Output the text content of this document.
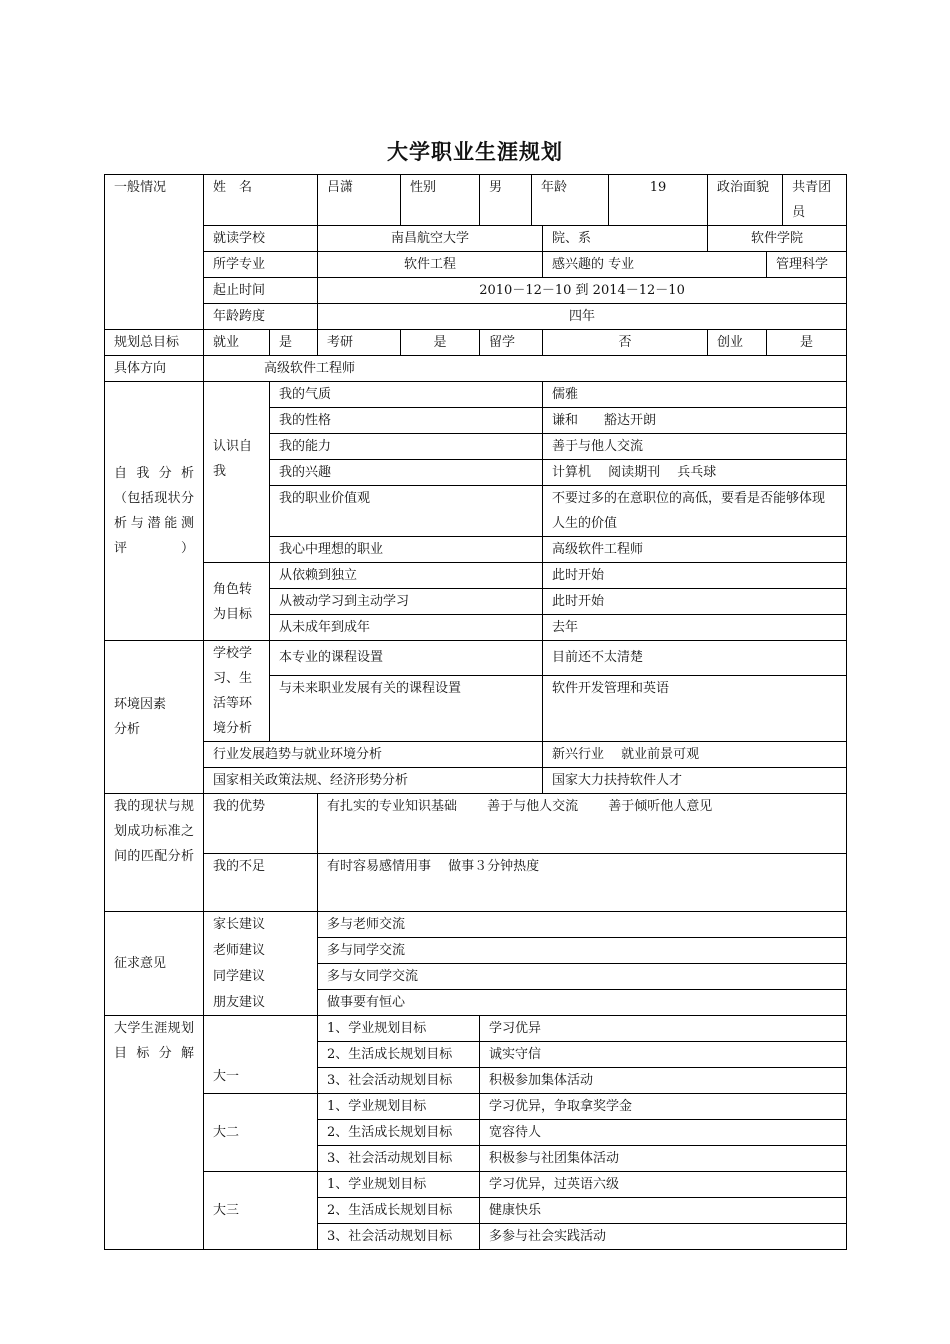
大学职业生涯规划
一般情况	姓　名		吕潇	性别	男	年龄		19	政治面貌		共青团员
	就读学校		南昌航空大学				院、系		软件学院		
	所学专业		软件工程				感兴趣的 专业			管理科学	
	起止时间		2010－12－10 到 2014－12－10								
	年龄跨度		四年								
规划总目标	就业	是	考研	是	留学		否		创业	是	
具体方向	高级软件工程师										
自 我 分 析（包括现状分析与潜能测评）	认识自我	我的气质					儒雅				
		我的性格					谦和　　豁达开朗				
		我的能力					善于与他人交流				
		我的兴趣					计算机　 阅读期刊　 兵乓球				
		我的职业价值观					不要过多的在意职位的高低，要看是否能够体现人生的价值				
		我心中理想的职业					高级软件工程师				
	角色转为目标	从依赖到独立					此时开始				
		从被动学习到主动学习					此时开始				
		从未成年到成年					去年				

环境因素分析	学校学习、生活等环境分析	本专业的课程设置					目前还不太清楚				
		与未来职业发展有关的课程设置					软件开发管理和英语				
	行业发展趋势与就业环境分析						新兴行业　 就业前景可观				
	国家相关政策法规、经济形势分析						国家大力扶持软件人才				
我的现状与规划成功标准之间的匹配分析	我的优势		有扎实的专业知识基础　　 善于与他人交流　　 善于倾听他人意见								
	我的不足		有时容易感情用事　 做事３分钟热度								
征求意见	家长建议		多与老师交流								
	老师建议		多与同学交流								
	同学建议		多与女同学交流								
	朋友建议		做事要有恒心								
大学生涯规划目标分解	大一		1、学业规划目标		学习优异						
			2、生活成长规划目标		诚实守信						
			3、社会活动规划目标		积极参加集体活动						
	大二		1、学业规划目标		学习优异，争取拿奖学金						
			2、生活成长规划目标		宽容待人						
			3、社会活动规划目标		积极参与社团集体活动						
	大三		1、学业规划目标		学习优异，过英语六级						
			2、生活成长规划目标		健康快乐						
			3、社会活动规划目标		多参与社会实践活动						
